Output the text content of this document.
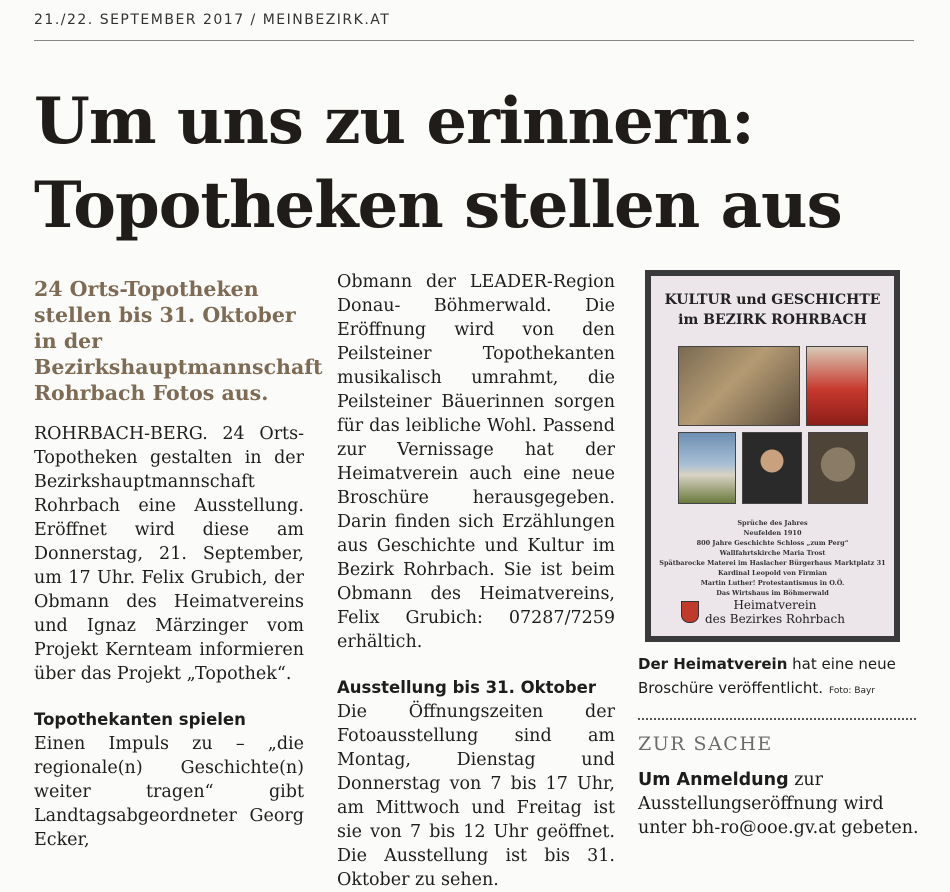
21./22. SEPTEMBER 2017 / MEINBEZIRK.AT
Um uns zu erinnern:
Topotheken stellen aus

24 Orts-Topotheken stellen bis 31. Oktober in der Bezirkshauptmannschaft Rohrbach Fotos aus.

ROHRBACH-BERG. 24 Orts-Topotheken gestalten in der Bezirkshauptmannschaft Rohrbach eine Ausstellung. Eröffnet wird diese am Donnerstag, 21. September, um 17 Uhr. Felix Grubich, der Obmann des Heimatvereins und Ignaz Märzinger vom Projekt Kernteam informieren über das Projekt „Topothek“.

Topothekanten spielen

Einen Impuls zu – „die regionale(n) Geschichte(n) weiter tragen“ gibt Landtagsabgeordneter Georg Ecker,

Obmann der LEADER-Region Donau- Böhmerwald. Die Eröffnung wird von den Peilsteiner Topothekanten musikalisch umrahmt, die Peilsteiner Bäuerinnen sorgen für das leibliche Wohl. Passend zur Vernissage hat der Heimatverein auch eine neue Broschüre herausgegeben. Darin finden sich Erzählungen aus Geschichte und Kultur im Bezirk Rohrbach. Sie ist beim Obmann des Heimatvereins, Felix Grubich: 07287/7259 erhältich.

Ausstellung bis 31. Oktober

Die Öffnungszeiten der Fotoausstellung sind am Montag, Dienstag und Donnerstag von 7 bis 17 Uhr, am Mittwoch und Freitag ist sie von 7 bis 12 Uhr geöffnet. Die Ausstellung ist bis 31. Oktober zu sehen.

KULTUR und GESCHICHTE
im BEZIRK ROHRBACH
Sprüche des Jahres
Neufelden 1910
800 Jahre Geschichte Schloss „zum Perg“
Wallfahrtskirche Maria Trost
Spätbarocke Materei im Haslacher Bürgerhaus Marktplatz 31
Kardinal Leopold von Firmian
Martin Luther! Protestantismus in O.Ö.
Das Wirtshaus im Böhmerwald
Heimatverein
des Bezirkes Rohrbach
Der Heimatverein hat eine neue Broschüre veröffentlicht. Foto: Bayr
ZUR SACHE
Um Anmeldung zur Ausstellungseröffnung wird unter bh-ro@ooe.gv.at gebeten.
